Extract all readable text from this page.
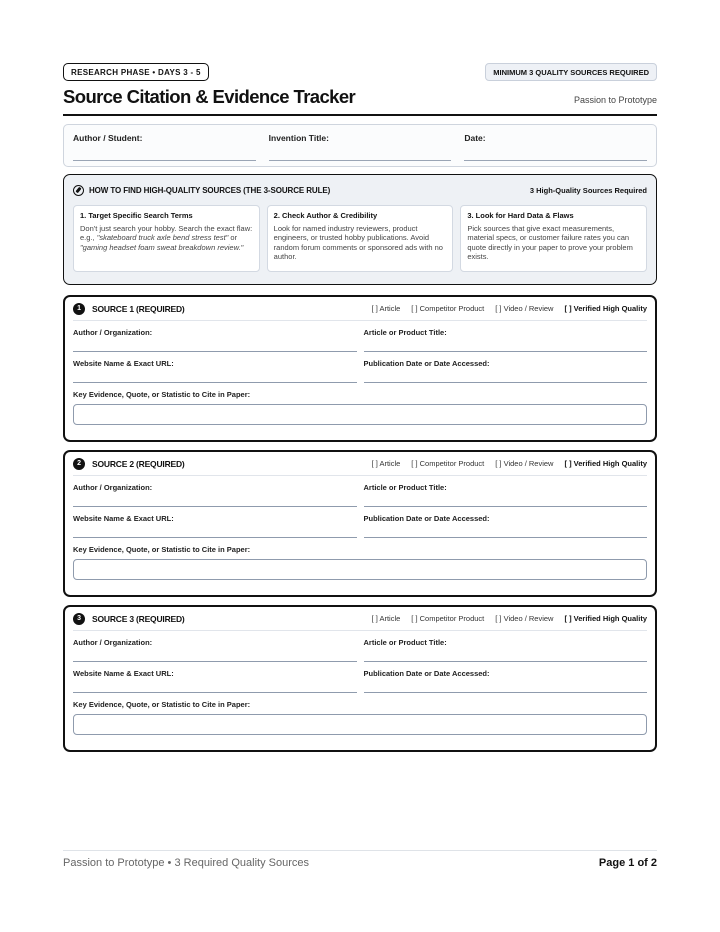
RESEARCH PHASE • DAYS 3 - 5	MINIMUM 3 QUALITY SOURCES REQUIRED
Source Citation & Evidence Tracker	Passion to Prototype
Author / Student:	Invention Title:	Date:
HOW TO FIND HIGH-QUALITY SOURCES (THE 3-SOURCE RULE)	3 High-Quality Sources Required
1. Target Specific Search Terms
Don't just search your hobby. Search the exact flaw: e.g., "skateboard truck axle bend stress test" or "gaming headset foam sweat breakdown review."
2. Check Author & Credibility
Look for named industry reviewers, product engineers, or trusted hobby publications. Avoid random forum comments or sponsored ads with no author.
3. Look for Hard Data & Flaws
Pick sources that give exact measurements, material specs, or customer failure rates you can quote directly in your paper to prove your problem exists.
1	SOURCE 1 (REQUIRED)	[ ] Article [ ] Competitor Product [ ] Video / Review [ ] Verified High Quality
Author / Organization:	Article or Product Title:
Website Name & Exact URL:	Publication Date or Date Accessed:
Key Evidence, Quote, or Statistic to Cite in Paper:
2	SOURCE 2 (REQUIRED)	[ ] Article [ ] Competitor Product [ ] Video / Review [ ] Verified High Quality
Author / Organization:	Article or Product Title:
Website Name & Exact URL:	Publication Date or Date Accessed:
Key Evidence, Quote, or Statistic to Cite in Paper:
3	SOURCE 3 (REQUIRED)	[ ] Article [ ] Competitor Product [ ] Video / Review [ ] Verified High Quality
Author / Organization:	Article or Product Title:
Website Name & Exact URL:	Publication Date or Date Accessed:
Key Evidence, Quote, or Statistic to Cite in Paper:
Passion to Prototype • 3 Required Quality Sources	Page 1 of 2
